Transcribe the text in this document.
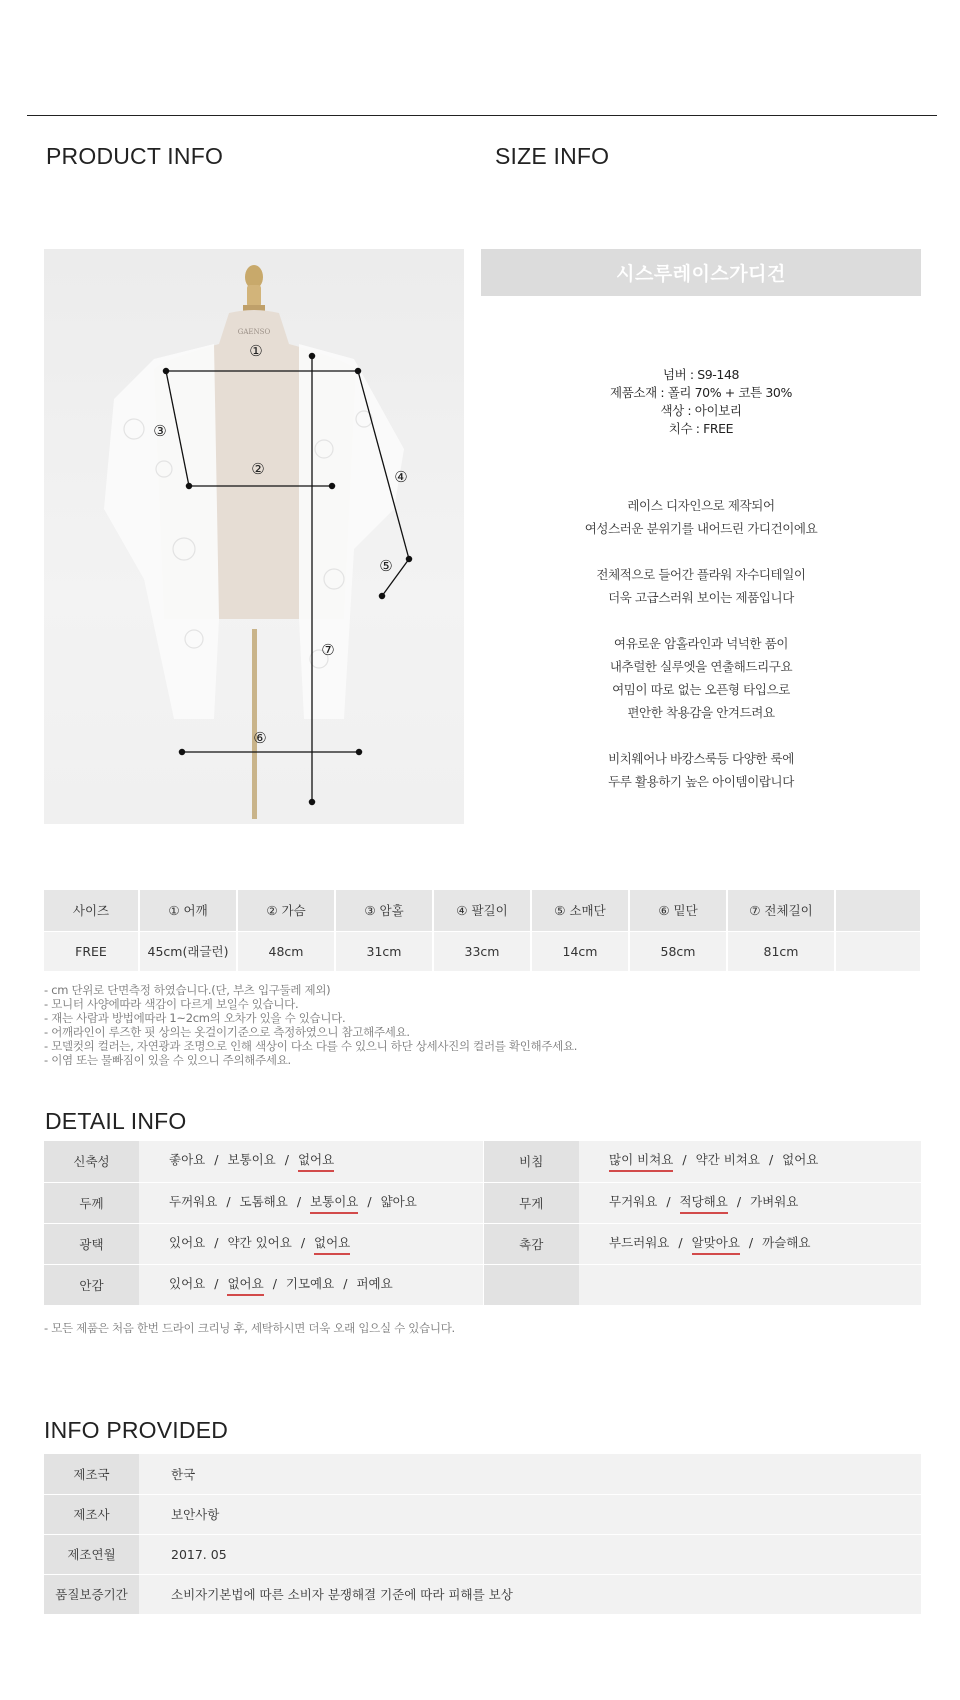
PRODUCT INFO	SIZE INFO
GAENSO
①
②
③
④
⑤
⑥
⑦
시스루레이스가디건
넘버 : S9-148
제품소재 : 폴리 70% + 코튼 30%
색상 : 아이보리
치수 : FREE
레이스 디자인으로 제작되어
여성스러운 분위기를 내어드린 가디건이에요
전체적으로 들어간 플라워 자수디테일이
더욱 고급스러워 보이는 제품입니다
여유로운 암홀라인과 넉넉한 품이
내추럴한 실루엣을 연출해드리구요
여밈이 따로 없는 오픈형 타입으로
편안한 착용감을 안겨드려요
비치웨어나 바캉스룩등 다양한 룩에
두루 활용하기 높은 아이템이랍니다
사이즈	① 어깨	② 가슴	③ 암홀	④ 팔길이	⑤ 소매단	⑥ 밑단	⑦ 전체길이	
FREE	45cm(래글런)	48cm	31cm	33cm	14cm	58cm	81cm	
- cm 단위로 단면측정 하였습니다.(단, 부츠 입구둘레 제외)
- 모니터 사양에따라 색감이 다르게 보일수 있습니다.
- 재는 사람과 방법에따라 1~2cm의 오차가 있을 수 있습니다.
- 어깨라인이 루즈한 핏 상의는 옷걸이기준으로 측정하였으니 참고해주세요.
- 모델컷의 컬러는, 자연광과 조명으로 인해 색상이 다소 다를 수 있으니 하단 상세사진의 컬러를 확인해주세요.
- 이염 또는 물빠짐이 있을 수 있으니 주의해주세요.
DETAIL INFO
신축성	좋아요 / 보통이요 / 없어요	비침	많이 비쳐요 / 약간 비쳐요 / 없어요
두께	두꺼워요 / 도톰해요 / 보통이요 / 얇아요	무게	무거워요 / 적당해요 / 가벼워요
광택	있어요 / 약간 있어요 / 없어요	촉감	부드러워요 / 알맞아요 / 까슬해요
안감	있어요 / 없어요 / 기모예요 / 퍼예요		
- 모든 제품은 처음 한번 드라이 크리닝 후, 세탁하시면 더욱 오래 입으실 수 있습니다.
INFO PROVIDED
제조국	한국
제조사	보안사항
제조연월	2017. 05
품질보증기간	소비자기본법에 따른 소비자 분쟁해결 기준에 따라 피해를 보상
